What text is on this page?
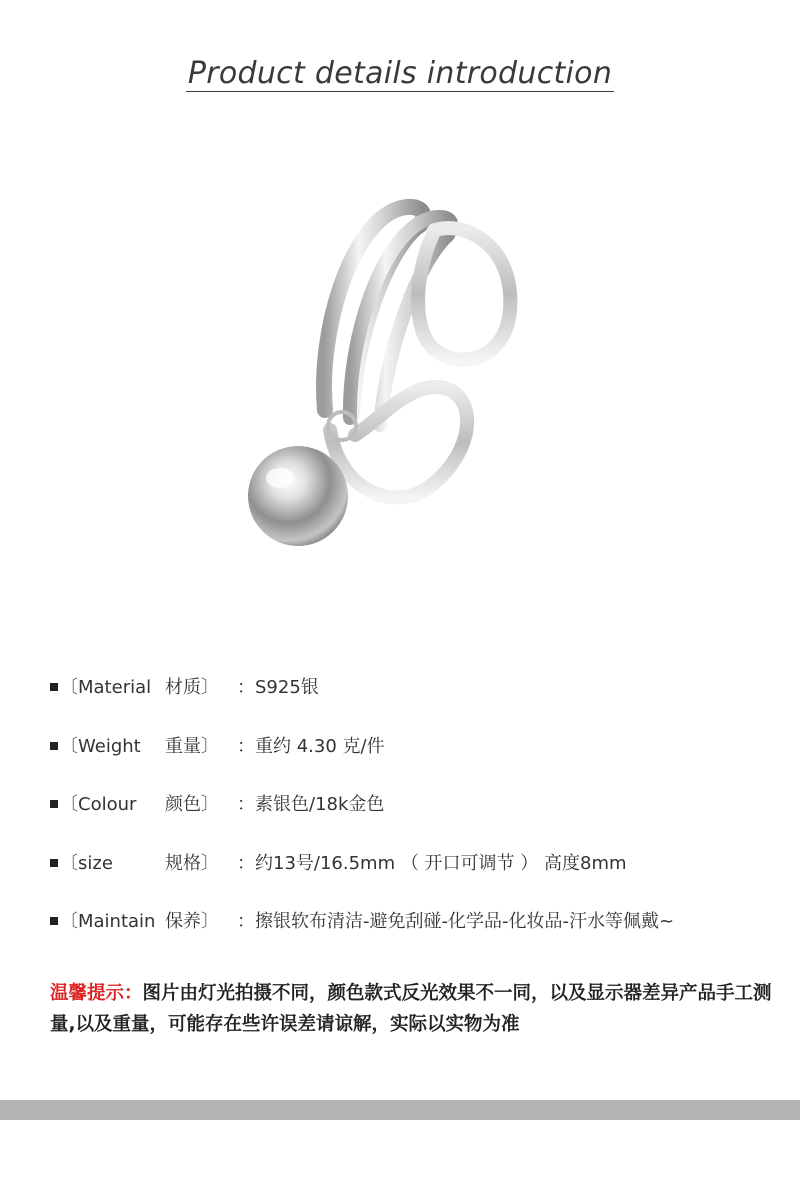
Product details introduction
〔Material 材质〕 ：S925银
〔Weight 重量〕 ：重约 4.30 克/件
〔Colour 颜色〕 ：素银色/18k金色
〔size	规格〕 ：约13号/16.5mm （ 开口可调节 ） 高度8mm
〔Maintain 保养〕 ：擦银软布清洁-避免刮碰-化学品-化妆品-汗水等佩戴~
温馨提示：图片由灯光拍摄不同，颜色款式反光效果不一同，以及显示器差异产品手工测量,以及重量，可能存在些许误差请谅解，实际以实物为准
